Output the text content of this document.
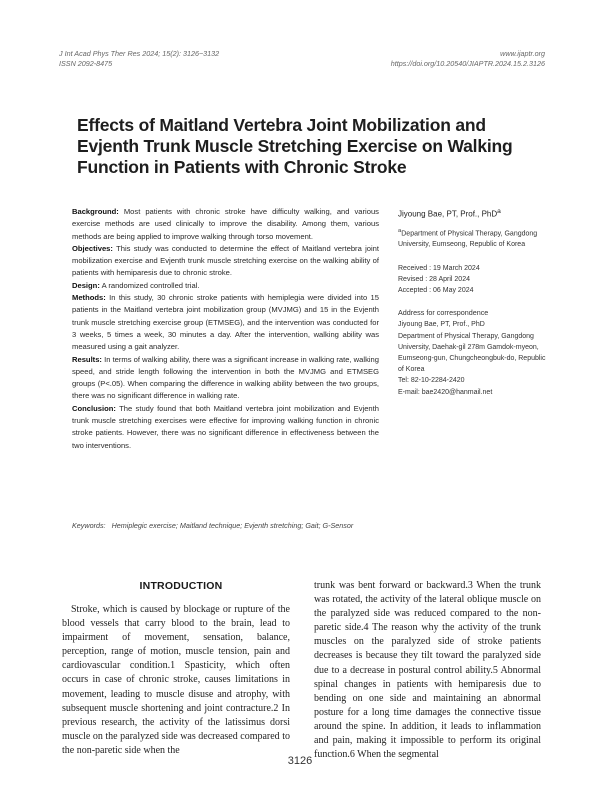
J Int Acad Phys Ther Res 2024; 15(2): 3126~3132
ISSN 2092-8475
www.ijaptr.org
https://doi.org/10.20540/JIAPTR.2024.15.2.3126
Effects of Maitland Vertebra Joint Mobilization and Evjenth Trunk Muscle Stretching Exercise on Walking Function in Patients with Chronic Stroke

Background: Most patients with chronic stroke have difficulty walking, and various exercise methods are used clinically to improve the disability. Among them, various methods are being applied to improve walking through torso movement.

Objectives: This study was conducted to determine the effect of Maitland vertebra joint mobilization exercise and Evjenth trunk muscle stretching exercise on the walking ability of patients with hemiparesis due to chronic stroke.

Design: A randomized controlled trial.

Methods: In this study, 30 chronic stroke patients with hemiplegia were divided into 15 patients in the Maitland vertebra joint mobilization group (MVJMG) and 15 in the Evjenth trunk muscle stretching exercise group (ETMSEG), and the intervention was conducted for 3 weeks, 5 times a week, 30 minutes a day. After the intervention, walking ability was measured using a gait analyzer.

Results: In terms of walking ability, there was a significant increase in walking rate, walking speed, and stride length following the intervention in both the MVJMG and ETMSEG groups (P<.05). When comparing the difference in walking ability between the two groups, there was no significant difference in walking rate.

Conclusion: The study found that both Maitland vertebra joint mobilization and Evjenth trunk muscle stretching exercises were effective for improving walking function in chronic stroke patients. However, there was no significant difference in effectiveness between the two interventions.

Jiyoung Bae, PT, Prof., PhD$^a$
$^a$Department of Physical Therapy, Gangdong University, Eumseong, Republic of Korea
Received : 19 March 2024
Revised : 28 April 2024
Accepted : 06 May 2024
Address for correspondence
Jiyoung Bae, PT, Prof., PhD
Department of Physical Therapy, Gangdong University, Daehak-gil 278m Gamdok-myeon, Eumseong-gun, Chungcheongbuk-do, Republic of Korea
Tel: 82-10-2284-2420
E-mail: bae2420@hanmail.net
Keywords: Hemiplegic exercise; Maitland technique; Evjenth stretching; Gait; G-Sensor
INTRODUCTION
Stroke, which is caused by blockage or rupture of the blood vessels that carry blood to the brain, lead to impairment of movement, sensation, balance, perception, range of motion, muscle tension, pain and cardiovascular condition.1 Spasticity, which often occurs in case of chronic stroke, causes limitations in movement, leading to muscle disuse and atrophy, with subsequent muscle shortening and joint contracture.2 In previous research, the activity of the latissimus dorsi muscle on the paralyzed side was decreased compared to the non-paretic side when the
trunk was bent forward or backward.3 When the trunk was rotated, the activity of the lateral oblique muscle on the paralyzed side was reduced compared to the non-paretic side.4 The reason why the activity of the trunk muscles on the paralyzed side of stroke patients decreases is because they tilt toward the paralyzed side due to a decrease in postural control ability.5 Abnormal spinal changes in patients with hemiparesis due to bending on one side and maintaining an abnormal posture for a long time damages the connective tissue around the spine. In addition, it leads to inflammation and pain, making it impossible to perform its original function.6 When the segmental
3126
